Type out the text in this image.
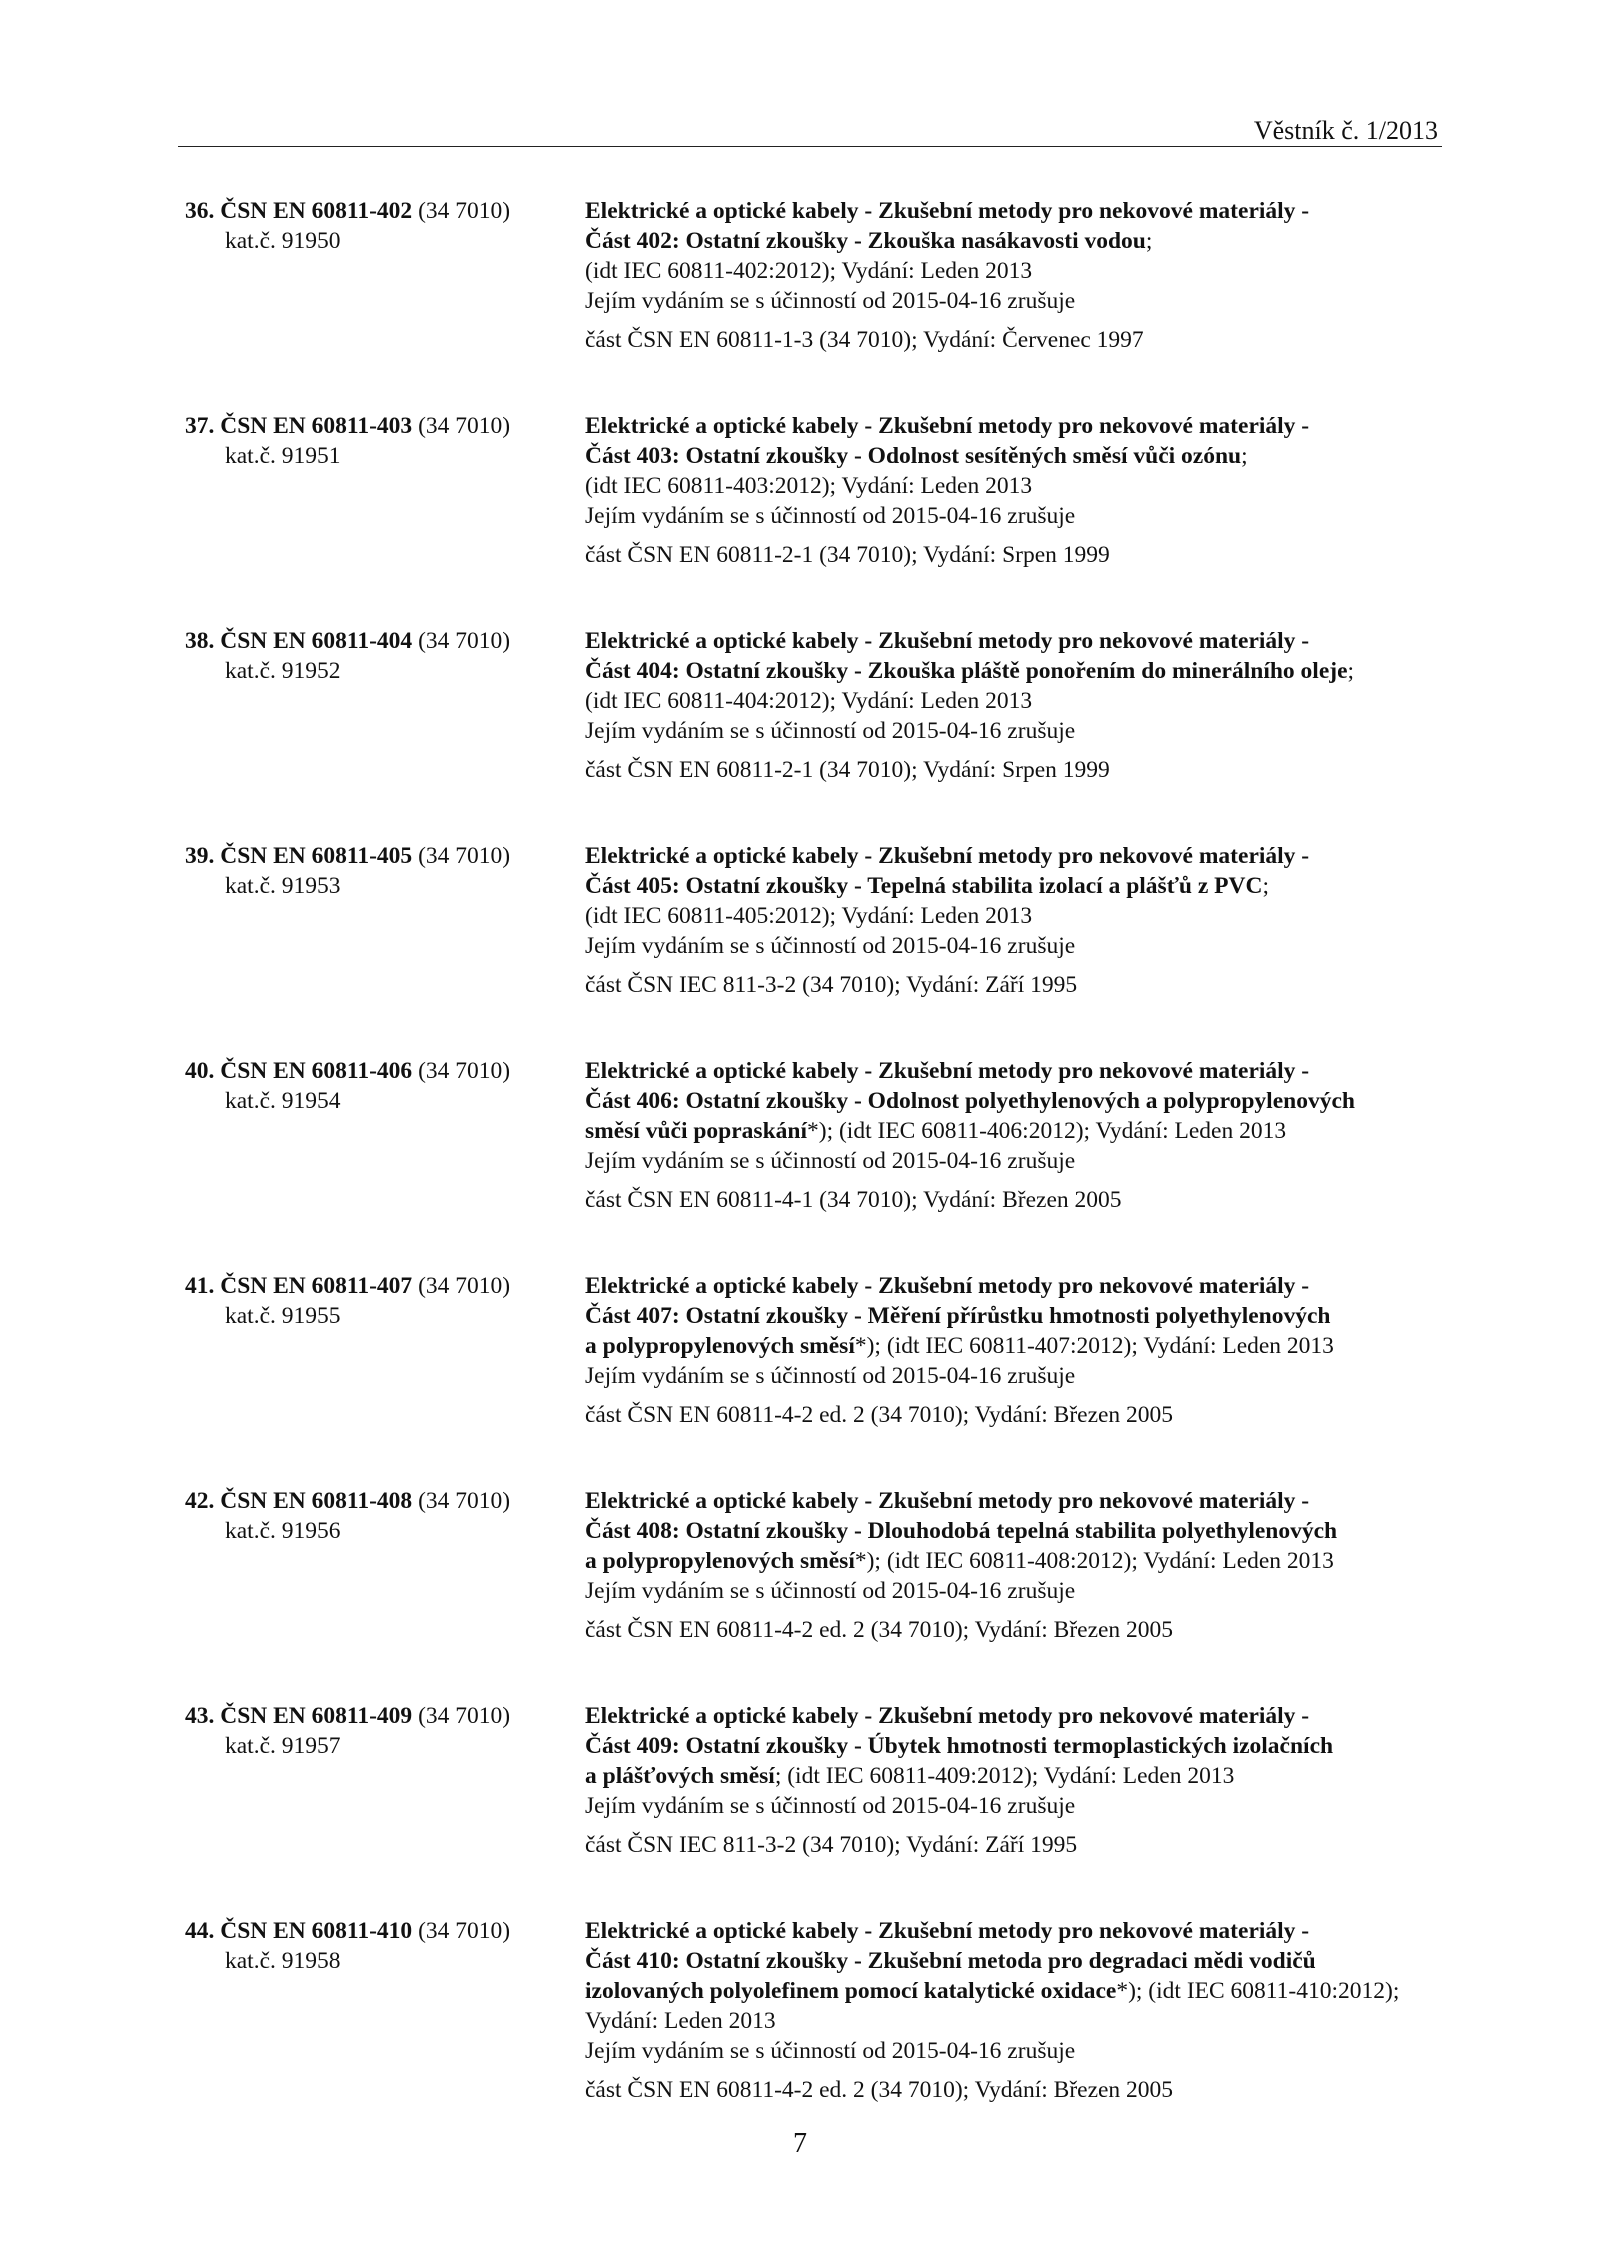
Věstník č. 1/2013
36. ČSN EN 60811-402 (34 7010)
kat.č. 91950
Elektrické a optické kabely - Zkušební metody pro nekovové materiály -
Část 402: Ostatní zkoušky - Zkouška nasákavosti vodou;
(idt IEC 60811-402:2012); Vydání: Leden 2013
Jejím vydáním se s účinností od 2015-04-16 zrušuje
část ČSN EN 60811-1-3 (34 7010); Vydání: Červenec 1997
37. ČSN EN 60811-403 (34 7010)
kat.č. 91951
Elektrické a optické kabely - Zkušební metody pro nekovové materiály -
Část 403: Ostatní zkoušky - Odolnost sesítěných směsí vůči ozónu;
(idt IEC 60811-403:2012); Vydání: Leden 2013
Jejím vydáním se s účinností od 2015-04-16 zrušuje
část ČSN EN 60811-2-1 (34 7010); Vydání: Srpen 1999
38. ČSN EN 60811-404 (34 7010)
kat.č. 91952
Elektrické a optické kabely - Zkušební metody pro nekovové materiály -
Část 404: Ostatní zkoušky - Zkouška pláště ponořením do minerálního oleje;
(idt IEC 60811-404:2012); Vydání: Leden 2013
Jejím vydáním se s účinností od 2015-04-16 zrušuje
část ČSN EN 60811-2-1 (34 7010); Vydání: Srpen 1999
39. ČSN EN 60811-405 (34 7010)
kat.č. 91953
Elektrické a optické kabely - Zkušební metody pro nekovové materiály -
Část 405: Ostatní zkoušky - Tepelná stabilita izolací a plášťů z PVC;
(idt IEC 60811-405:2012); Vydání: Leden 2013
Jejím vydáním se s účinností od 2015-04-16 zrušuje
část ČSN IEC 811-3-2 (34 7010); Vydání: Září 1995
40. ČSN EN 60811-406 (34 7010)
kat.č. 91954
Elektrické a optické kabely - Zkušební metody pro nekovové materiály -
Část 406: Ostatní zkoušky - Odolnost polyethylenových a polypropylenových
směsí vůči popraskání*); (idt IEC 60811-406:2012); Vydání: Leden 2013
Jejím vydáním se s účinností od 2015-04-16 zrušuje
část ČSN EN 60811-4-1 (34 7010); Vydání: Březen 2005
41. ČSN EN 60811-407 (34 7010)
kat.č. 91955
Elektrické a optické kabely - Zkušební metody pro nekovové materiály -
Část 407: Ostatní zkoušky - Měření přírůstku hmotnosti polyethylenových
a polypropylenových směsí*); (idt IEC 60811-407:2012); Vydání: Leden 2013
Jejím vydáním se s účinností od 2015-04-16 zrušuje
část ČSN EN 60811-4-2 ed. 2 (34 7010); Vydání: Březen 2005
42. ČSN EN 60811-408 (34 7010)
kat.č. 91956
Elektrické a optické kabely - Zkušební metody pro nekovové materiály -
Část 408: Ostatní zkoušky - Dlouhodobá tepelná stabilita polyethylenových
a polypropylenových směsí*); (idt IEC 60811-408:2012); Vydání: Leden 2013
Jejím vydáním se s účinností od 2015-04-16 zrušuje
část ČSN EN 60811-4-2 ed. 2 (34 7010); Vydání: Březen 2005
43. ČSN EN 60811-409 (34 7010)
kat.č. 91957
Elektrické a optické kabely - Zkušební metody pro nekovové materiály -
Část 409: Ostatní zkoušky - Úbytek hmotnosti termoplastických izolačních
a plášťových směsí; (idt IEC 60811-409:2012); Vydání: Leden 2013
Jejím vydáním se s účinností od 2015-04-16 zrušuje
část ČSN IEC 811-3-2 (34 7010); Vydání: Září 1995
44. ČSN EN 60811-410 (34 7010)
kat.č. 91958
Elektrické a optické kabely - Zkušební metody pro nekovové materiály -
Část 410: Ostatní zkoušky - Zkušební metoda pro degradaci mědi vodičů
izolovaných polyolefinem pomocí katalytické oxidace*); (idt IEC 60811-410:2012);
Vydání: Leden 2013
Jejím vydáním se s účinností od 2015-04-16 zrušuje
část ČSN EN 60811-4-2 ed. 2 (34 7010); Vydání: Březen 2005
7
